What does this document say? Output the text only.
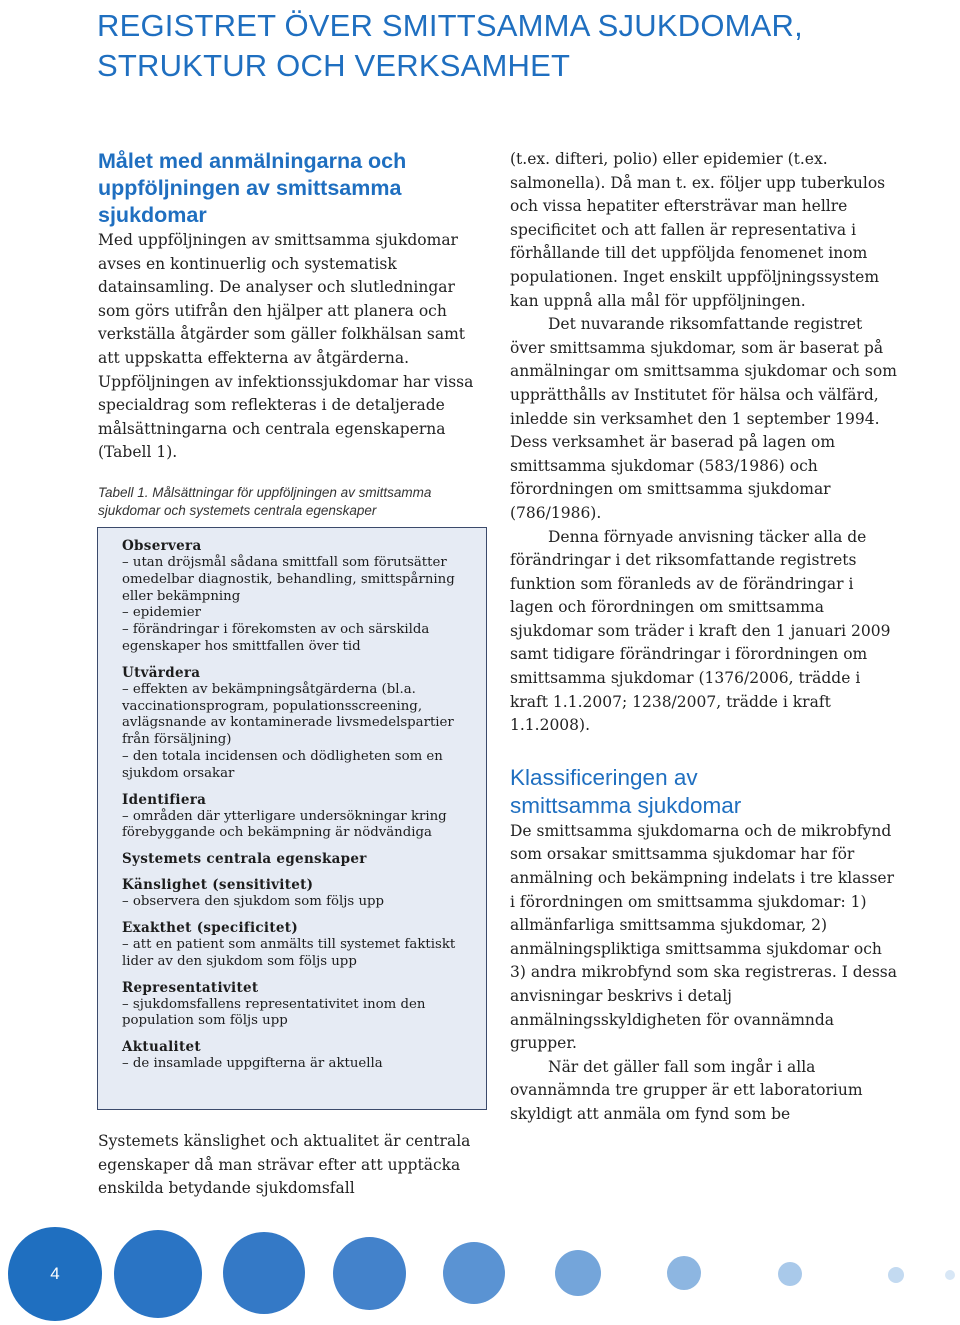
REGISTRET ÖVER SMITTSAMMA SJUKDOMAR,
STRUKTUR OCH VERKSAMHET
Målet med anmälningarna och uppföljningen av smittsamma sjukdomar

Med uppföljningen av smittsamma sjukdomar avses en kontinuerlig och systematisk datainsamling. De analyser och slutledningar som görs utifrån den hjälper att planera och verkställa åtgärder som gäller folkhälsan samt att uppskatta effekterna av åtgärderna. Uppföljningen av infektionssjukdomar har vissa specialdrag som reflekteras i de detaljerade målsättningarna och centrala egenskaperna (Tabell 1).

Tabell 1. Målsättningar för uppföljningen av smittsamma sjukdomar och systemets centrala egenskaper

Observera
– utan dröjsmål sådana smittfall som förutsätter omedelbar diagnostik, behandling, smittspårning eller bekämpning
– epidemier
– förändringar i förekomsten av och särskilda egenskaper hos smittfallen över tid
Utvärdera
– effekten av bekämpningsåtgärderna (bl.a. vaccinationsprogram, populationsscreening, avlägsnande av kontaminerade livsmedelspartier från försäljning)
– den totala incidensen och dödligheten som en sjukdom orsakar
Identifiera
– områden där ytterligare undersökningar kring förebyggande och bekämpning är nödvändiga
Systemets centrala egenskaper
Känslighet (sensitivitet)
– observera den sjukdom som följs upp
Exakthet (specificitet)
– att en patient som anmälts till systemet faktiskt lider av den sjukdom som följs upp
Representativitet
– sjukdomsfallens representativitet inom den population som följs upp
Aktualitet
– de insamlade uppgifterna är aktuella

Systemets känslighet och aktualitet är centrala egenskaper då man strävar efter att upptäcka enskilda betydande sjukdomsfall

(t.ex. difteri, polio) eller epidemier (t.ex. salmonella). Då man t. ex. följer upp tuberkulos och vissa hepatiter eftersträvar man hellre specificitet och att fallen är representativa i förhållande till det uppföljda fenomenet inom populationen. Inget enskilt uppföljningssystem kan uppnå alla mål för uppföljningen.

Det nuvarande riksomfattande registret över smittsamma sjukdomar, som är baserat på anmälningar om smittsamma sjukdomar och som upprätthålls av Institutet för hälsa och välfärd, inledde sin verksamhet den 1 september 1994. Dess verksamhet är baserad på lagen om smittsamma sjukdomar (583/1986) och förordningen om smittsamma sjukdomar (786/1986).

Denna förnyade anvisning täcker alla de förändringar i det riksomfattande registrets funktion som föranleds av de förändringar i lagen och förordningen om smittsamma sjukdomar som träder i kraft den 1 januari 2009 samt tidigare förändringar i förordningen om smittsamma sjukdomar (1376/2006, trädde i kraft 1.1.2007; 1238/2007, trädde i kraft 1.1.2008).

Klassificeringen av
smittsamma sjukdomar

De smittsamma sjukdomarna och de mikrobfynd som orsakar smittsamma sjukdomar har för anmälning och bekämpning indelats i tre klasser i förordningen om smittsamma sjukdomar: 1) allmänfarliga smittsamma sjukdomar, 2) anmälningspliktiga smittsamma sjukdomar och 3) andra mikrobfynd som ska registreras. I dessa anvisningar beskrivs i detalj anmälningsskyldigheten för ovannämnda grupper.

När det gäller fall som ingår i alla ovannämnda tre grupper är ett laboratorium skyldigt att anmäla om fynd som be

4
